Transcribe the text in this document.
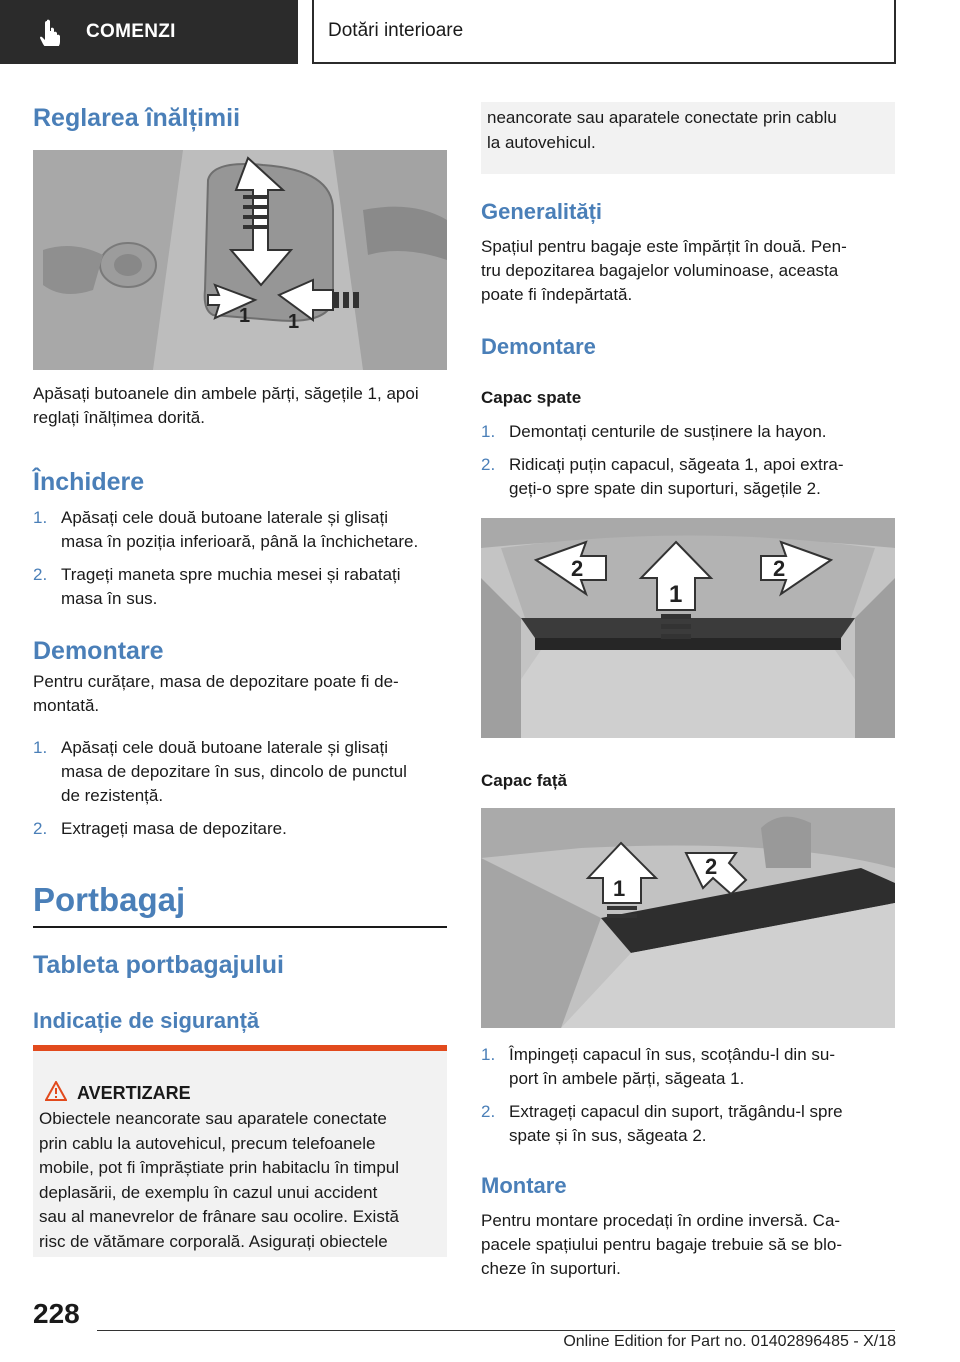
COMENZI	Dotări interioare
Reglarea înălțimii
1 1

Apăsați butoanele din ambele părți, săgețile 1, apoi reglați înălțimea dorită.

Închidere
1. Apăsați cele două butoane laterale și glisați
masa în poziția inferioară, până la închichetare.
2. Trageți maneta spre muchia mesei și rabatați
masa în sus.
Demontare

Pentru curățare, masa de depozitare poate fi de-
montată.

1. Apăsați cele două butoane laterale și glisați
masa de depozitare în sus, dincolo de punctul
de rezistență.
2. Extrageți masa de depozitare.
Portbagaj
Tableta portbagajului
Indicație de siguranță
AVERTIZARE
Obiectele neancorate sau aparatele conectate
prin cablu la autovehicul, precum telefoanele
mobile, pot fi împrăștiate prin habitaclu în timpul
deplasării, de exemplu în cazul unui accident
sau al manevrelor de frânare sau ocolire. Există
risc de vătămare corporală. Asigurați obiectele
neancorate sau aparatele conectate prin cablu
la autovehicul.
Generalități

Spațiul pentru bagaje este împărțit în două. Pen-
tru depozitarea bagajelor voluminoase, aceasta
poate fi îndepărtată.

Demontare
Capac spate
1. Demontați centurile de susținere la hayon.
2. Ridicați puțin capacul, săgeata 1, apoi extra-
geți-o spre spate din suporturi, săgețile 2.
2
1
2
Capac față
1
2
1. Împingeți capacul în sus, scoțându-l din su-
port în ambele părți, săgeata 1.
2. Extrageți capacul din suport, trăgându-l spre
spate și în sus, săgeata 2.
Montare

Pentru montare procedați în ordine inversă. Ca-
pacele spațiului pentru bagaje trebuie să se blo-
cheze în suporturi.

228
Online Edition for Part no. 01402896485 - X/18
